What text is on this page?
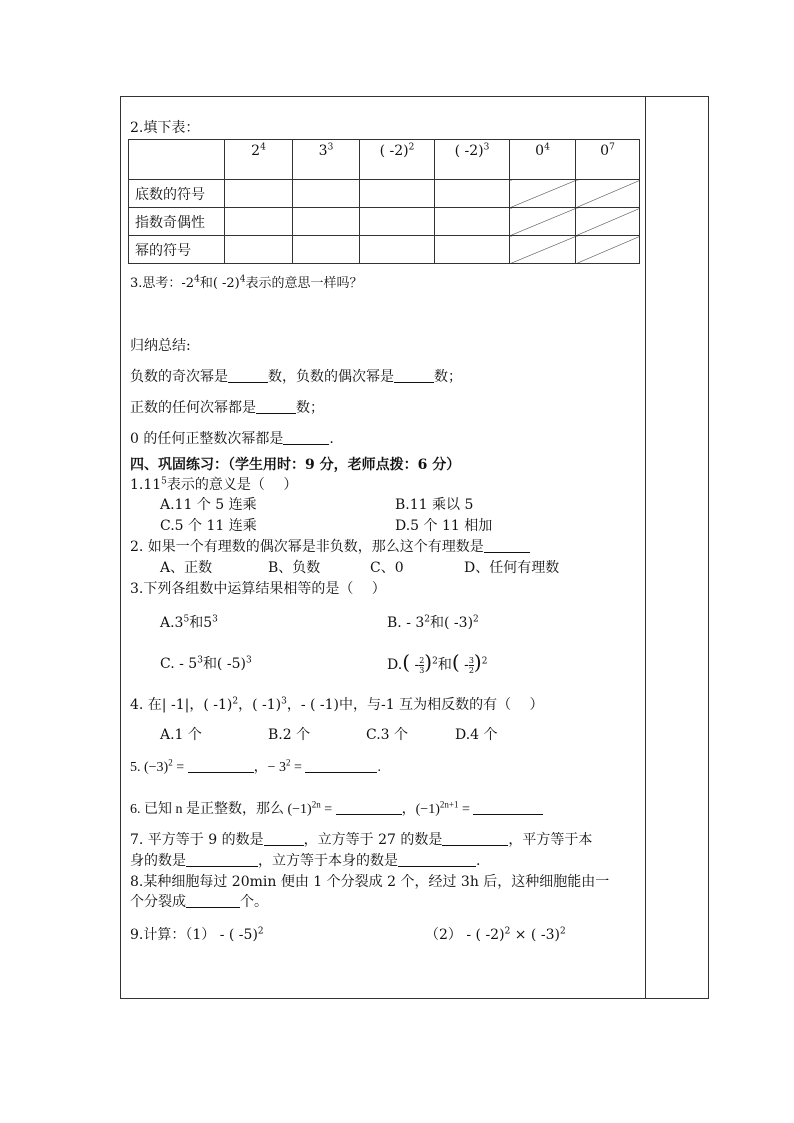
2.填下表：
	$2^4$	$3^3$	( -2)$^2$	( -2)$^3$	$0^4$	$0^7$
底数的符号						
指数奇偶性						
幂的符号						
3.思考：$-2^4$和( -2)$^4$表示的意思一样吗？
归纳总结:
负数的奇次幂是	数，负数的偶次幂是	数；
正数的任何次幂都是	数；
0 的任何正整数次幂都是	.
四、巩固练习：（学生用时：9 分，老师点拨：6 分）
1.11$^5$表示的意义是（　 ）
A.11 个 5 连乘	B.11 乘以 5
C.5 个 11 连乘	D.5 个 11 相加
2. 如果一个有理数的偶次幂是非负数，那么这个有理数是
A、正数	B、负数	C、0	D、任何有理数
3.下列各组数中运算结果相等的是（　 ）
$A.3^5$和$5^3$	B. - $3^2$和( -3)$^2$
C. - $5^3$和( -5)$^3$	$D.( - \frac{2}{3})^2$和( - $\frac{3}{2})^2$
4. 在| -1|，( -1)$^2$，( -1)$^3$，- ( -1)中，与-1 互为相反数的有（　 ）
A.1 个	B.2 个	C.3 个	D.4 个
5. $(-3)^2$ =	，− $3^2$ =	.
6. 已知 n 是正整数，那么 $(-1)^{2n}$ =	，$(-1)^{2n+1}$ =
7. 平方等于 9 的数是	，立方等于 27 的数是	，平方等于本
身的数是	，立方等于本身的数是	.
8.某种细胞每过 20min 便由 1 个分裂成 2 个，经过 3h 后，这种细胞能由一
个分裂成	个。
9.计算：（1） - ( -5)$^2$	（2） - ( -2)$^2$ × ( -3)$^2$
